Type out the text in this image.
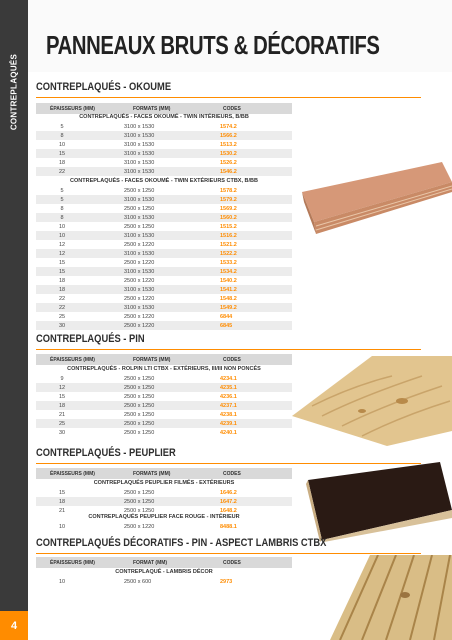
CONTREPLAQUÉS
4
PANNEAUX BRUTS & DÉCORATIFS
CONTREPLAQUÉS - OKOUME
ÉPAISSEURS (MM)	FORMATS (MM)	CODES
CONTREPLAQUÉS - FACES OKOUMÉ - TWIN INTÉRIEURS, B/BB
5	3100 x 1530	1574.2
8	3100 x 1530	1566.2
10	3100 x 1530	1513.2
15	3100 x 1530	1530.2
18	3100 x 1530	1526.2
22	3100 x 1530	1546.2
CONTREPLAQUÉS - FACES OKOUMÉ - TWIN EXTÉRIEURS CTBX, B/BB
5	2500 x 1250	1578.2
5	3100 x 1530	1579.2
8	2500 x 1250	1569.2
8	3100 x 1530	1560.2
10	2500 x 1250	1515.2
10	3100 x 1530	1516.2
12	2500 x 1220	1521.2
12	3100 x 1530	1522.2
15	2500 x 1220	1533.2
15	3100 x 1530	1534.2
18	2500 x 1220	1540.2
18	3100 x 1530	1541.2
22	2500 x 1220	1548.2
22	3100 x 1530	1549.2
25	2500 x 1220	6844
30	2500 x 1220	6845
CONTREPLAQUÉS - PIN
ÉPAISSEURS (MM)	FORMATS (MM)	CODES
CONTREPLAQUÉS - ROLPIN LTI CTBX - EXTÉRIEURS, III/III NON PONCÉS
9	2500 x 1250	4234.1
12	2500 x 1250	4235.1
15	2500 x 1250	4236.1
18	2500 x 1250	4237.1
21	2500 x 1250	4238.1
25	2500 x 1250	4239.1
30	2500 x 1250	4240.1
CONTREPLAQUÉS - PEUPLIER
ÉPAISSEURS (MM)	FORMATS (MM)	CODES
CONTREPLAQUÉS PEUPLIER FILMÉS - EXTÉRIEURS
15	2500 x 1250	1646.2
18	2500 x 1250	1647.2
21	2500 x 1250	1648.2
CONTREPLAQUÉS PEUPLIER FACE ROUGE - INTÉRIEUR
10	2500 x 1220	8488.1
CONTREPLAQUÉS DÉCORATIFS - PIN - ASPECT LAMBRIS CTBX
ÉPAISSEURS (MM)	FORMAT (MM)	CODES
CONTREPLAQUÉ - LAMBRIS DÉCOR
10	2500 x 600	2973
